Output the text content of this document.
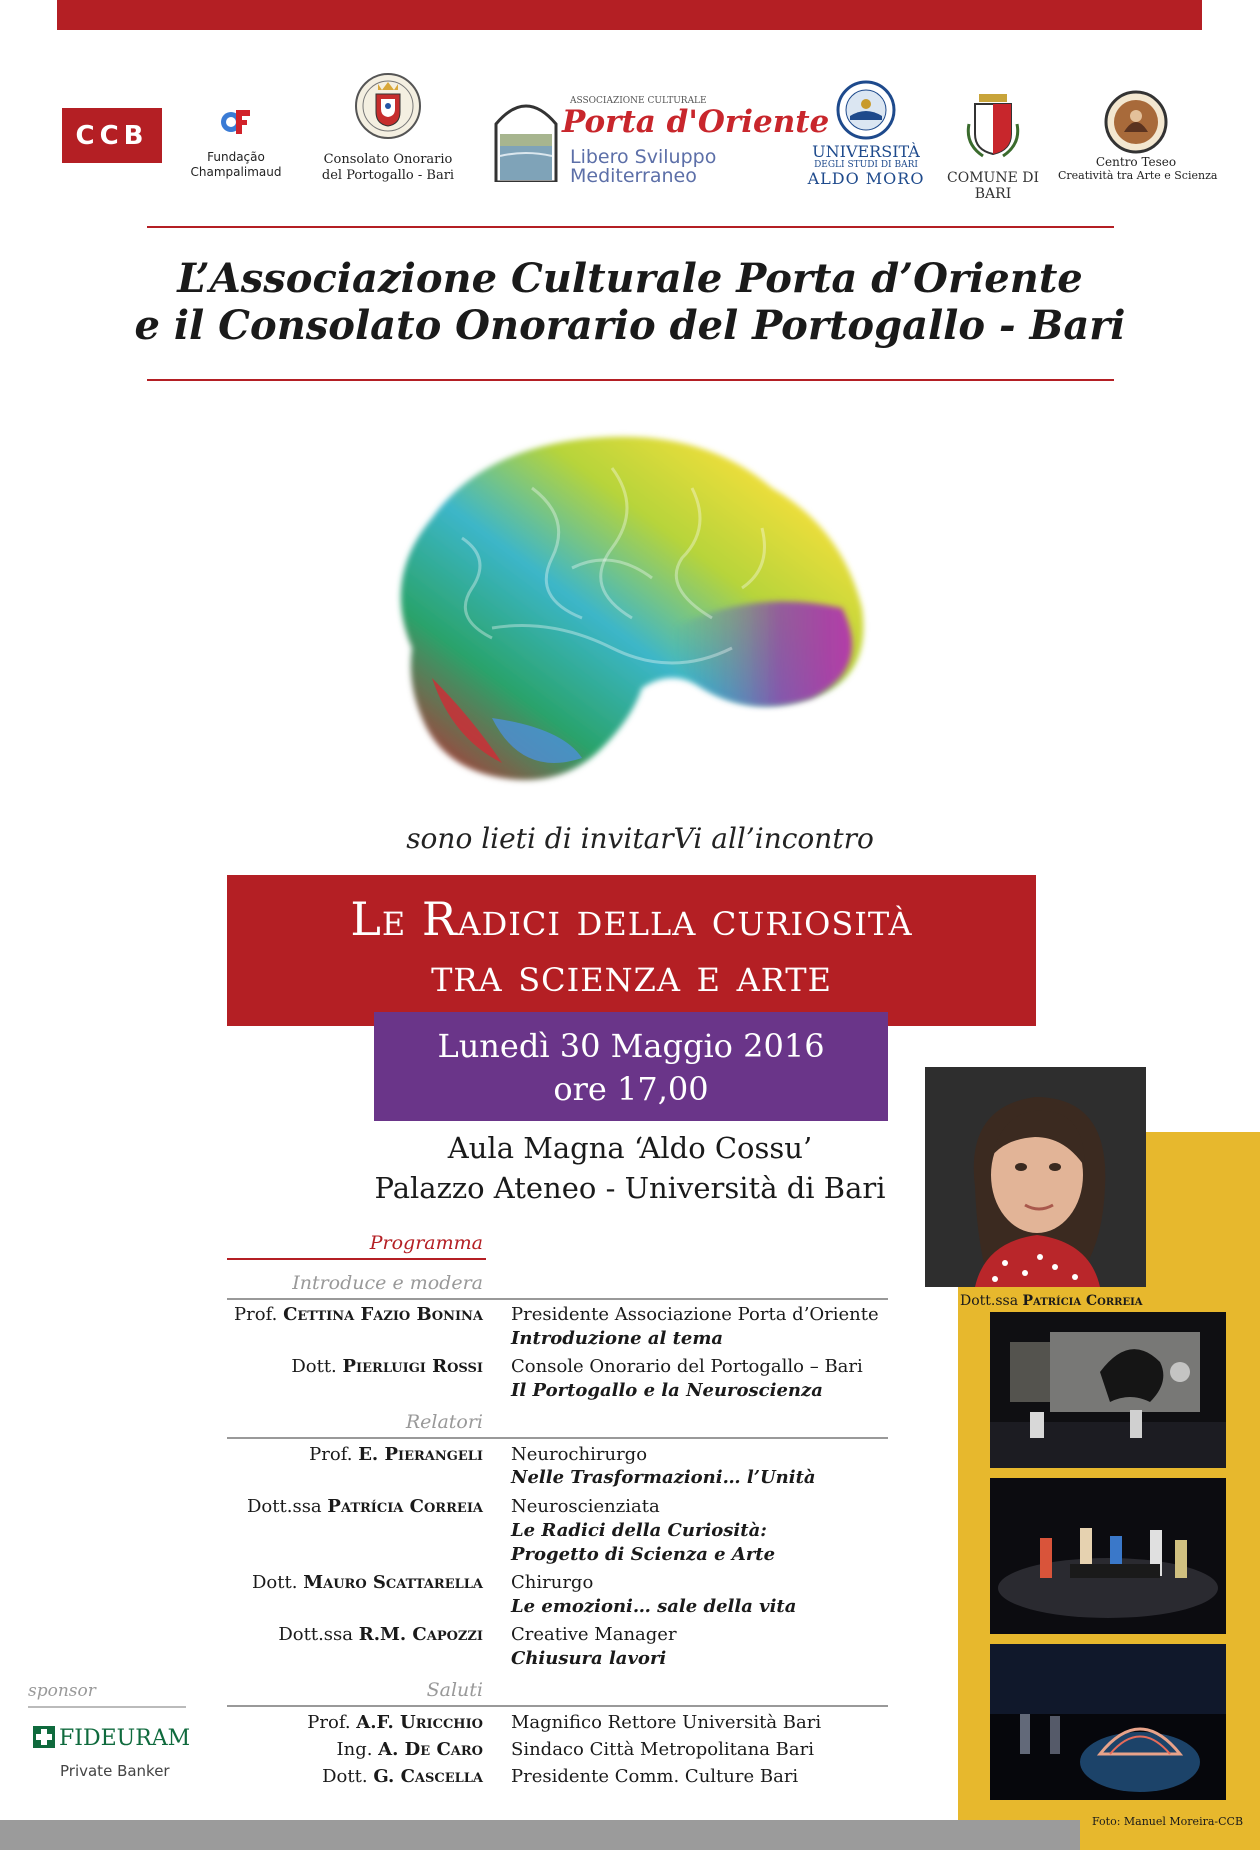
CCB
Fundação
Champalimaud
Consolato Onorario
del Portogallo - Bari
ASSOCIAZIONE CULTURALE
Porta d'Oriente
Libero Sviluppo
Mediterraneo
UNIVERSITÀ
DEGLI STUDI DI BARI
ALDO MORO	COMUNE DI BARI
Centro Teseo
Creatività tra Arte e Scienza
L’Associazione Culturale Porta d’Oriente
e il Consolato Onorario del Portogallo - Bari
sono lieti di invitarVi all’incontro
Le Radici della curiosità
tra scienza e arte
Lunedì 30 Maggio 2016
ore 17,00
Aula Magna ‘Aldo Cossu’
Palazzo Ateneo - Università di Bari
Programma
Introduce e modera
Prof. Cettina Fazio Bonina Presidente Associazione Porta d’Oriente
Introduzione al tema
Dott. Pierluigi Rossi Console Onorario del Portogallo – Bari
Il Portogallo e la Neuroscienza
Relatori
Prof. E. Pierangeli Neurochirurgo
Nelle Trasformazioni… l’Unità
Dott.ssa Patrícia Correia Neuroscienziata
Le Radici della Curiosità:
Progetto di Scienza e Arte
Dott. Mauro Scattarella Chirurgo
Le emozioni… sale della vita
Dott.ssa R.M. Capozzi Creative Manager
Chiusura lavori
Saluti
Prof. A.F. Uricchio Magnifico Rettore Università Bari
Ing. A. De Caro Sindaco Città Metropolitana Bari
Dott. G. Cascella Presidente Comm. Culture Bari
Dott.ssa Patrícia Correia
Foto: Manuel Moreira-CCB
sponsor
FIDEURAM
Private Banker
